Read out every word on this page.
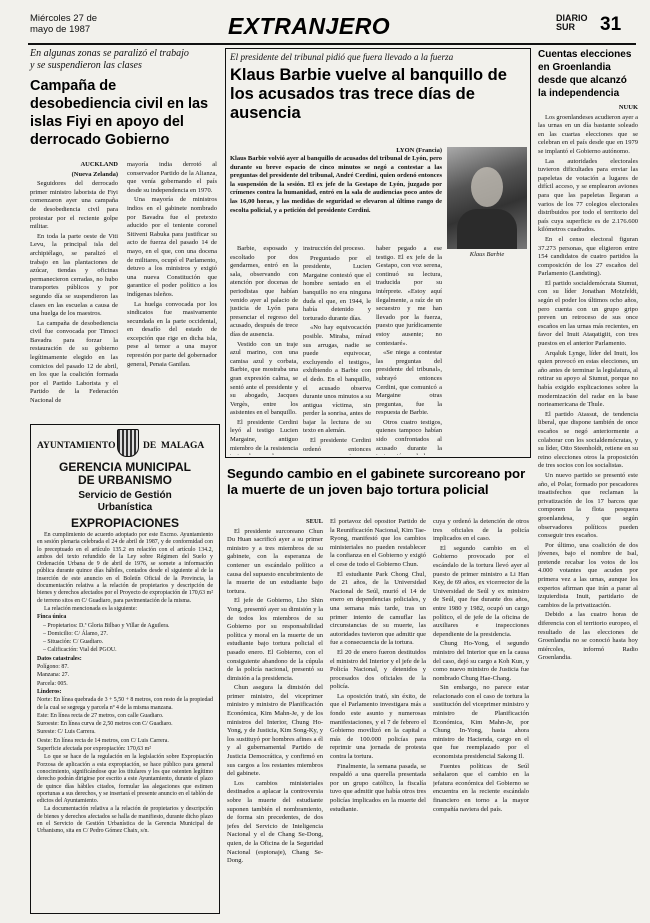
Miércoles 27 de
mayo de 1987	EXTRANJERO	DIARIO
SUR	31
En algunas zonas se paralizó el trabajo
y se suspendieron las clases
Campaña de desobediencia civil en las islas Fiyi en apoyo del derrocado Gobierno

AUCKLAND

(Nueva Zelanda)

Seguidores del derrocado primer ministro laborista de Fiyi comenzaron ayer una campaña de desobediencia civil para protestar por el reciente golpe militar.

En toda la parte oeste de Viti Levu, la principal isla del archipiélago, se paralizó el trabajo en las plantaciones de azúcar, tiendas y oficinas permanecieron cerradas, no hubo transportes públicos y por segundo día se suspendieron las clases en las escuelas a causa de una huelga de los maestros.

La campaña de desobediencia civil fue convocada por Timoci Bavadra para forzar la restauración de su gobierno legítimamente elegido en las comicios del pasado 12 de abril, en los que la coalición formada por el Partido Laborista y el Partido de la Federación Nacional de

mayoría india derrotó al conservador Partido de la Alianza, que venía gobernando el país desde su independencia en 1970.

Una mayoría de ministros indios en el gabinete nombrado por Bavadra fue el pretexto aducido por el teniente coronel Sitiveni Rabuka para justificar su acto de fuerza del pasado 14 de mayo, en el que, con una docena de militares, ocupó el Parlamento, detuvo a los ministros y exigió una nueva Constitución que garantice el poder político a los indígenas isleños.

La huelga convocada por los sindicatos fue masivamente secundada en la parte occidental, en desafío del estado de excepción que rige en dicha isla, pese al temor a una mayor represión por parte del gobernador general, Penaia Ganilau.

AYUNTAMIENTO	DE MALAGA
GERENCIA MUNICIPAL
DE URBANISMO
Servicio de Gestión
Urbanística
EXPROPIACIONES

En cumplimiento de acuerdo adoptado por este Excmo. Ayuntamiento en sesión plenaria celebrada el 24 de abril de 1987, y de conformidad con lo preceptuado en el artículo 135.2 en relación con el artículo 134.2, ambos del texto refundido de la Ley sobre Régimen del Suelo y Ordenación Urbana de 9 de abril de 1976, se somete a información pública durante quince días hábiles, contados desde el siguiente al de la inserción de este anuncio en el Boletín Oficial de la Provincia, la documentación relativa a la relación de propietarios y descripción de bienes y derechos afectados por el Proyecto de expropiación de 170,63 m² de terreno sitos en C/ Guadiaro, para pavimentación de la misma.

La relación mencionada es la siguiente:

Finca única

– Propietarios: D.ª Gloria Bilbao y Villar de Aguilera.

– Domicilio: C/ Álamo, 27.

– Situación: C/ Guadiaro.

– Calificación: Vial del PGOU.

Datos catastrales:

Polígono: 87.

Manzana: 27.

Parcela: 005.

Linderos:

Norte: En línea quebrada de 3 + 5,50 + 8 metros, con resto de la propiedad de la cual se segrega y parcela nº 4 de la misma manzana.

Este: En línea recta de 27 metros, con calle Guadiaro.

Suroeste: En línea curva de 2,50 metros con C/ Guadiaro.

Sureste: C/ Luis Carrera.

Oeste: En línea recta de 14 metros, con C/ Luis Carrera.

Superficie afectada por expropiación: 170,63 m²

Lo que se hace de la regulación en la legislación sobre Expropiación Forzosa de aplicación a esta expropiación, se hace público para general conocimiento, significándose que los titulares y los que ostenten legítimo derecho podrán dirigirse por escrito a este Ayuntamiento, durante el plazo de quince días hábiles citados, formular las alegaciones que estimen oportunas a sus derechos, y se insertará el presente anuncio en el tablón de edictos del Ayuntamiento.

La documentación relativa a la relación de propietarios y descripción de bienes y derechos afectados se halla de manifiesto, durante dicho plazo en el Servicio de Gestión Urbanística de la Gerencia Municipal de Urbanismo, sita en C/ Pedro Gómez Chaix, s/n.

El presidente del tribunal pidió que fuera llevado a la fuerza
Klaus Barbie vuelve al banquillo de los acusados tras trece días de ausencia
LYON (Francia)

Klaus Barbie volvió ayer al banquillo de acusados del tribunal de Lyón, pero durante su breve espacio de cinco minutos se negó a contestar a las preguntas del presidente del tribunal, André Cerdini, quien ordenó entonces la suspensión de la sesión. El ex jefe de la Gestapo de Lyón, juzgado por crímenes contra la humanidad, entró en la sala de audiencias poco antes de las 16,00 horas, y las medidas de seguridad se elevaron al último rango de escolta policial, y a petición del presidente Cerdini.

Klaus Barbie

Barbie, esposado y escoltado por dos gendarmes, entró en la sala, observando con atención por docenas de periodistas que habían venido ayer al palacio de justicia de Lyón para presenciar el regreso del acusado, después de trece días de ausencia.

Vestido con un traje azul marino, con una camisa azul y corbata, Barbie, que mostraba una gran expresión calma, se sentó ante el presidente y su abogado, Jacques Vergès, entre los asistentes en el banquillo.

El presidente Cerdini leyó al testigo Lucien Margaine, antiguo miembro de la resistencia

instrucción del proceso.

Preguntado por el presidente, Lucien Margaine contestó que el hombre sentado en el banquillo no era ninguna duda el que, en 1944, le había detenido y torturado durante días.

«No hay equivocación posible. Miraba, mírad sus arrugas, nadie se puede equivocar, excluyendo el testigo», exhibiendo a Barbie con el dedo. En el banquillo, el acusado observa durante unos minutos a su antigua víctima, sin perder la sonrisa, antes de bajar la lectura de su texto en alemán.

El presidente Cerdini ordenó entonces

haber pegado a ese testigo. El ex jefe de la Gestapo, con voz serena, continuó su lectura, traducida por su intérprete. «Estoy aquí ilegalmente, a raíz de un secuestro y me han llevado por la fuerza, puesto que jurídicamente estoy ausente; no contestaré».

«Se niega a contestar las preguntas del presidente del tribunal», subrayó entonces Cerdini, que comunicó a Margaine otras preguntas, fue la respuesta de Barbie.

Otros cuatro testigos, quienes tampoco habían sido confrontados al acusado durante la

Segundo cambio en el gabinete surcoreano por la muerte de un joven bajo tortura policial

SEUL

El presidente surcoreano Chun Du Huan sacrificó ayer a su primer ministro y a tres miembros de su gabinete, con la esperanza de contener un escándalo político a causa del supuesto encubrimiento de la muerte de un estudiante bajo tortura.

El jefe de Gobierno, Lho Shin Yong, presentó ayer su dimisión y la de todos los miembros de su Gobierno por su responsabilidad política y moral en la muerte de un estudiante bajo tortura policial el pasado enero. El Gobierno, con el consiguiente abandono de la cúpula de la policía nacional, presentó su dimisión a la presidencia.

Chun asegura la dimisión del primer ministro, del viceprimer ministro y ministro de Planificación Económica, Kim Mahn-Je, y de los ministros del Interior, Chung Ho-Yong, y de Justicia, Kim Song-Ky, y los sustituyó por hombres afines a él y al gubernamental Partido de Justicia Democrática, y confirmó en sus cargos a los restantes miembros del gabinete.

Los cambios ministeriales destinados a aplacar la controversia sobre la muerte del estudiante suponen también el nombramiento, de forma sin precedentes, de dos jefes del Servicio de Inteligencia Nacional y el de Chang Se-Dong, quien, de la Oficina de la Seguridad Nacional (espionaje), Chang Se-Dong.

El portavoz del opositor Partido de la Reunificación Nacional, Kim Tae-Ryong, manifestó que los cambios ministeriales no pueden restablecer la confianza en el Gobierno y exigió el cese de todo el Gobierno Chun.

El estudiante Park Chong Chul, de 21 años, de la Universidad Nacional de Seúl, murió el 14 de enero en dependencias policiales, y una semana más tarde, tras un primer intento de camuflar las circunstancias de su muerte, las autoridades tuvieron que admitir que fue a consecuencia de la tortura.

El 20 de enero fueron destituidos el ministro del Interior y el jefe de la Policía Nacional, y detenidos y procesados dos oficiales de la policía.

La oposición trató, sin éxito, de que el Parlamento investigara más a fondo este asunto y numerosas manifestaciones, y el 7 de febrero el Gobierno movilizó en la capital a más de 100.000 policías para reprimir una jornada de protesta contra la tortura.

Finalmente, la semana pasada, se respaldó a una querella presentada por un grupo católico, la fiscalía tuvo que admitir que había otros tres policías implicados en la muerte del estudiante.

cuya y ordenó la detención de otros tres oficiales de la policía implicados en el caso.

El segundo cambio en el Gobierno provocado por el escándalo de la tortura llevó ayer al puesto de primer ministro a Li Han Key, de 69 años, ex vicerrector de la Universidad de Seúl y ex ministro de Seúl, que fue durante dos años, entre 1980 y 1982, ocupó un cargo político, el de jefe de la oficina de auxiliares e inspecciones dependiente de la presidencia.

Chung Ho-Yong, el segundo ministro del Interior que en la causa del caso, dejó su cargo a Koh Kun, y como nuevo ministro de Justicia fue nombrado Chung Hae-Chang.

Sin embargo, no parece estar relacionado con el caso de tortura la sustitución del viceprimer ministro y ministro de Planificación Económica, Kim Mahn-Je, por Chung In-Yong, hasta ahora ministro de Hacienda, cargo en el que fue reemplazado por el economista presidencial Sakong Il.

Fuentes políticas de Seúl señalaron que el cambio en la jefatura económica del Gobierno se encuentra en la reciente escándalo financiero en torno a la mayor compañía naviera del país.

Cuentas elecciones en Groenlandia desde que alcanzó la independencia

NUUK

Los groenlandeses acudieron ayer a las urnas en un día bastante soleado en las cuartas elecciones que se celebran en el país desde que en 1979 se implantó el Gobierno autónomo.

Las autoridades electorales tuvieron dificultades para enviar las papeletas de votación a lugares de difícil acceso, y se emplearon aviones para que las papeletas llegaran a varios de los 77 colegios electorales distribuidos por todo el territorio del país cuya superficie es de 2.176.600 kilómetros cuadrados.

En el censo electoral figuran 37.273 personas, que eligieron entre 154 candidatos de cuatro partidos la composición de los 27 escaños del Parlamento (Landsting).

El partido socialdemócrata Siumut, con su líder Jonathan Motzfeldt, según el poder los últimos ocho años, pero cuenta con un grupo gripo preven un retroceso de sus once escaños en las urnas más recientes, en favor del Inuit Ataqatigiit, con tres puestos en el anterior Parlamento.

Arqaluk Lynge, líder del Inuit, los quien provocó en estas elecciones, un año antes de terminar la legislatura, al retirar su apoyo al Siumut, porque no había exigido explicaciones sobre la modernización del radar en la base norteamericana de Thule.

El partido Atassut, de tendencia liberal, que dispone también de once escaños se negó anteriormente a colaborar con los socialdemócratas, y su líder, Otto Steenholdt, retiene en su reino elecciones otros la proposición de tres socios con los socialistas.

Un nuevo partido se presentó este año, el Polar, formado por pescadores insatisfechos que reclaman la privatización de los 17 barcos que componen la flota pesquera groenlandesa, y que según observadores políticos pueden conseguir tres escaños.

Por último, una coalición de dos jóvenes, bajo el nombre de Isal, pretende recabar los votos de los 4.000 votantes que acuden por primera vez a las urnas, aunque los expertos afirman que irán a parar al izquierdista Inuit, partidario de cambios de la privatización.

Debido a las cuatro horas de diferencia con el territorio europeo, el resultado de las elecciones de Groenlandia no se conoció hasta hoy miércoles, informó Radio Groenlandia.
